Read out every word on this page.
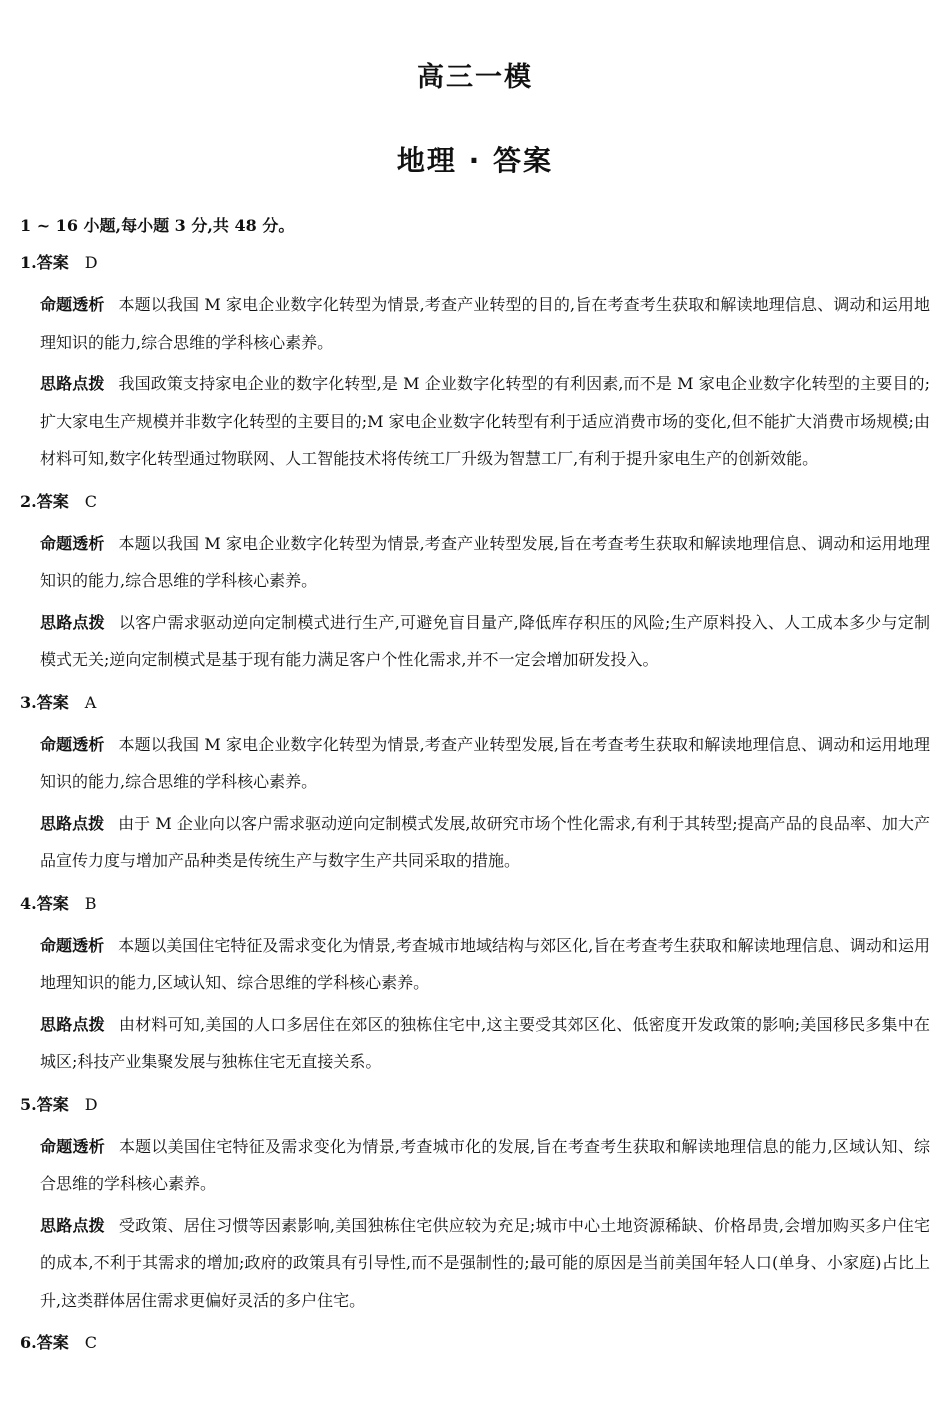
高三一模
地理 · 答案
1 ~ 16 小题,每小题 3 分,共 48 分。
1.答案 D
命题透析 本题以我国 M 家电企业数字化转型为情景,考查产业转型的目的,旨在考查考生获取和解读地理信息、调动和运用地理知识的能力,综合思维的学科核心素养。
思路点拨 我国政策支持家电企业的数字化转型,是 M 企业数字化转型的有利因素,而不是 M 家电企业数字化转型的主要目的;扩大家电生产规模并非数字化转型的主要目的;M 家电企业数字化转型有利于适应消费市场的变化,但不能扩大消费市场规模;由材料可知,数字化转型通过物联网、人工智能技术将传统工厂升级为智慧工厂,有利于提升家电生产的创新效能。
2.答案 C
命题透析 本题以我国 M 家电企业数字化转型为情景,考查产业转型发展,旨在考查考生获取和解读地理信息、调动和运用地理知识的能力,综合思维的学科核心素养。
思路点拨 以客户需求驱动逆向定制模式进行生产,可避免盲目量产,降低库存积压的风险;生产原料投入、人工成本多少与定制模式无关;逆向定制模式是基于现有能力满足客户个性化需求,并不一定会增加研发投入。
3.答案 A
命题透析 本题以我国 M 家电企业数字化转型为情景,考查产业转型发展,旨在考查考生获取和解读地理信息、调动和运用地理知识的能力,综合思维的学科核心素养。
思路点拨 由于 M 企业向以客户需求驱动逆向定制模式发展,故研究市场个性化需求,有利于其转型;提高产品的良品率、加大产品宣传力度与增加产品种类是传统生产与数字生产共同采取的措施。
4.答案 B
命题透析 本题以美国住宅特征及需求变化为情景,考查城市地域结构与郊区化,旨在考查考生获取和解读地理信息、调动和运用地理知识的能力,区域认知、综合思维的学科核心素养。
思路点拨 由材料可知,美国的人口多居住在郊区的独栋住宅中,这主要受其郊区化、低密度开发政策的影响;美国移民多集中在城区;科技产业集聚发展与独栋住宅无直接关系。
5.答案 D
命题透析 本题以美国住宅特征及需求变化为情景,考查城市化的发展,旨在考查考生获取和解读地理信息的能力,区域认知、综合思维的学科核心素养。
思路点拨 受政策、居住习惯等因素影响,美国独栋住宅供应较为充足;城市中心土地资源稀缺、价格昂贵,会增加购买多户住宅的成本,不利于其需求的增加;政府的政策具有引导性,而不是强制性的;最可能的原因是当前美国年轻人口(单身、小家庭)占比上升,这类群体居住需求更偏好灵活的多户住宅。
6.答案 C
